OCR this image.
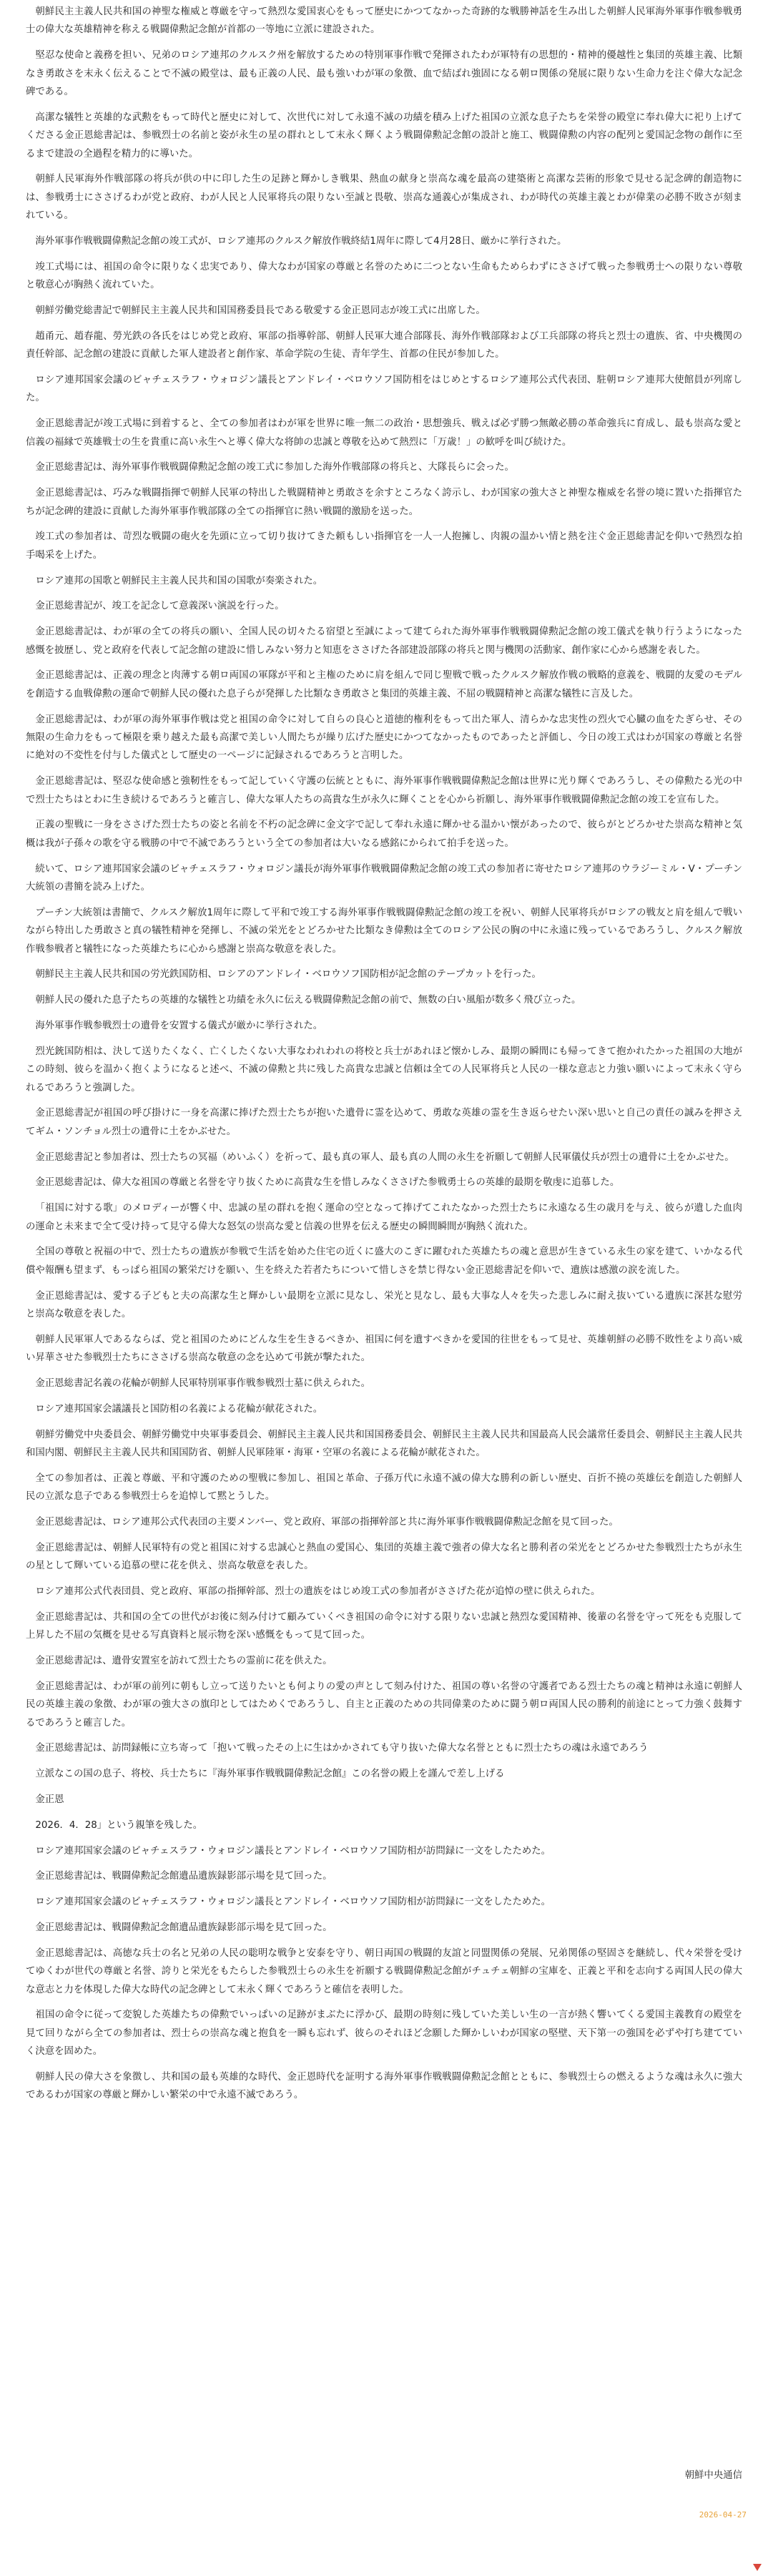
朝鮮民主主義人民共和国の神聖な権威と尊厳を守って熱烈な愛国衷心をもって歴史にかつてなかった奇跡的な戦勝神話を生み出した朝鮮人民軍海外軍事作戦参戦勇士の偉大な英雄精神を称える戦闘偉勲記念館が首都の一等地に立派に建設された。

堅忍な使命と義務を担い、兄弟のロシア連邦のクルスク州を解放するための特別軍事作戦で発揮されたわが軍特有の思想的・精神的優越性と集団的英雄主義、比類なき勇敢さを末永く伝えることで不滅の殿堂は、最も正義の人民、最も強いわが軍の象徴、血で結ばれ強固になる朝ロ関係の発展に限りない生命力を注ぐ偉大な記念碑である。

高潔な犠牲と英雄的な武勲をもって時代と歴史に対して、次世代に対して永遠不滅の功績を積み上げた祖国の立派な息子たちを栄誉の殿堂に奉れ偉大に祀り上げてくださる金正恩総書記は、参戦烈士の名前と姿が永生の星の群れとして末永く輝くよう戦闘偉勲記念館の設計と施工、戦闘偉勲の内容の配列と愛国記念物の創作に至るまで建設の全過程を精力的に導いた。

朝鮮人民軍海外作戦部隊の将兵が供の中に印した生の足跡と輝かしき戦果、熱血の献身と崇高な魂を最高の建築術と高潔な芸術的形象で見せる記念碑的創造物には、参戦勇士にささげるわが党と政府、わが人民と人民軍将兵の限りない至誠と畏敬、崇高な通義心が集成され、わが時代の英雄主義とわが偉業の必勝不敗さが刻まれている。

海外軍事作戦戦闘偉勲記念館の竣工式が、ロシア連邦のクルスク解放作戦終結1周年に際して4月28日、厳かに挙行された。

竣工式場には、祖国の命令に限りなく忠実であり、偉大なわが国家の尊厳と名誉のために二つとない生命もためらわずにささげて戦った参戦勇士への限りない尊敬と敬意心が胸熱く流れていた。

朝鮮労働党総書記で朝鮮民主主義人民共和国国務委員長である敬愛する金正恩同志が竣工式に出席した。

趙甬元、趙春龍、勞光鉄の各氏をはじめ党と政府、軍部の指導幹部、朝鮮人民軍大連合部隊長、海外作戦部隊および工兵部隊の将兵と烈士の遺族、省、中央機関の責任幹部、記念館の建設に貢献した軍人建設者と創作家、革命学院の生徒、青年学生、首都の住民が参加した。

ロシア連邦国家会議のビャチェスラフ・ウォロジン議長とアンドレイ・ベロウソフ国防相をはじめとするロシア連邦公式代表団、駐朝ロシア連邦大使館員が列席した。

金正恩総書記が竣工式場に到着すると、全ての参加者はわが軍を世界に唯一無二の政治・思想強兵、戦えば必ず勝つ無敵必勝の革命強兵に育成し、最も崇高な愛と信義の福縁で英雄戦士の生を貴重に高い永生へと導く偉大な将帥の忠誠と尊敬を込めて熱烈に「万歳！」の歓呼を叫び続けた。

金正恩総書記は、海外軍事作戦戦闘偉勲記念館の竣工式に参加した海外作戦部隊の将兵と、大隊長らに会った。

金正恩総書記は、巧みな戦闘指揮で朝鮮人民軍の特出した戦闘精神と勇敢さを余すところなく誇示し、わが国家の強大さと神聖な権威を名誉の境に置いた指揮官たちが記念碑的建設に貢献した海外軍事作戦部隊の全ての指揮官に熱い戦闘的激励を送った。

竣工式の参加者は、苛烈な戦闘の砲火を先頭に立って切り抜けてきた頼もしい指揮官を一人一人抱擁し、肉親の温かい情と熱を注ぐ金正恩総書記を仰いで熱烈な拍手喝采を上げた。

ロシア連邦の国歌と朝鮮民主主義人民共和国の国歌が奏楽された。

金正恩総書記が、竣工を記念して意義深い演説を行った。

金正恩総書記は、わが軍の全ての将兵の願い、全国人民の切々たる宿望と至誠によって建てられた海外軍事作戦戦闘偉勲記念館の竣工儀式を執り行うようになった感慨を披歴し、党と政府を代表して記念館の建設に惜しみない努力と知恵をささげた各部建設部隊の将兵と関与機関の活動家、創作家に心から感謝を表した。

金正恩総書記は、正義の理念と肉薄する朝ロ両国の軍隊が平和と主権のために肩を組んで同じ聖戦で戦ったクルスク解放作戦の戦略的意義を、戦闘的友愛のモデルを創造する血戦偉勲の運命で朝鮮人民の優れた息子らが発揮した比類なき勇敢さと集団的英雄主義、不屈の戦闘精神と高潔な犠牲に言及した。

金正恩総書記は、わが軍の海外軍事作戦は党と祖国の命令に対して自らの良心と道徳的権利をもって出た軍人、清らかな忠実性の烈火で心臓の血をたぎらせ、その無限の生命力をもって極限を乗り越えた最も高潔で美しい人間たちが繰り広げた歴史にかつてなかったものであったと評価し、今日の竣工式はわが国家の尊厳と名誉に絶対の不変性を付与した儀式として歴史の一ページに記録されるであろうと言明した。

金正恩総書記は、堅忍な使命感と強靭性をもって記していく守護の伝統とともに、海外軍事作戦戦闘偉勲記念館は世界に光り輝くであろうし、その偉勲たる光の中で烈士たちはとわに生き続けるであろうと確言し、偉大な軍人たちの高貴な生が永久に輝くことを心から祈願し、海外軍事作戦戦闘偉勲記念館の竣工を宣布した。

正義の聖戦に一身をささげた烈士たちの姿と名前を不朽の記念碑に金文字で記して奉れ永遠に輝かせる温かい懐があったので、彼らがとどろかせた崇高な精神と気概は我が子孫々の歌を守る戦勝の中で不滅であろうという全ての参加者は大いなる感銘にかられて拍手を送った。

続いて、ロシア連邦国家会議のビャチェスラフ・ウォロジン議長が海外軍事作戦戦闘偉勲記念館の竣工式の参加者に寄せたロシア連邦のウラジーミル・V・プーチン大統領の書簡を読み上げた。

プーチン大統領は書簡で、クルスク解放1周年に際して平和で竣工する海外軍事作戦戦闘偉勲記念館の竣工を祝い、朝鮮人民軍将兵がロシアの戦友と肩を組んで戦いながら特出した勇敢さと真の犠牲精神を発揮し、不滅の栄光をとどろかせた比類なき偉勲は全てのロシア公民の胸の中に永遠に残っているであろうし、クルスク解放作戦参戦者と犠牲になった英雄たちに心から感謝と崇高な敬意を表した。

朝鮮民主主義人民共和国の労光鉄国防相、ロシアのアンドレイ・ベロウソフ国防相が記念館のテープカットを行った。

朝鮮人民の優れた息子たちの英雄的な犠牲と功績を永久に伝える戦闘偉勲記念館の前で、無数の白い風船が数多く飛び立った。

海外軍事作戦参戦烈士の遺骨を安置する儀式が厳かに挙行された。

烈光銃国防相は、決して送りたくなく、亡くしたくない大事なわれわれの将校と兵士があれほど懐かしみ、最期の瞬間にも帰ってきて抱かれたかった祖国の大地がこの時刻、彼らを温かく抱くようになると述べ、不滅の偉勲と共に残した高貴な忠誠と信頼は全ての人民軍将兵と人民の一様な意志と力強い願いによって末永く守られるであろうと強調した。

金正恩総書記が祖国の呼び掛けに一身を高潔に捧げた烈士たちが抱いた遺骨に霊を込めて、勇敢な英雄の霊を生き返らせたい深い思いと自己の責任の誠みを押さえてギム・ソンチョル烈士の遺骨に土をかぶせた。

金正恩総書記と参加者は、烈士たちの冥福（めいふく）を祈って、最も真の軍人、最も真の人間の永生を祈願して朝鮮人民軍儀仗兵が烈士の遺骨に土をかぶせた。

金正恩総書記は、偉大な祖国の尊厳と名誉を守り抜くために高貴な生を惜しみなくささげた参戦勇士らの英雄的最期を敬虔に追慕した。

「祖国に対する歌」のメロディーが響く中、忠誠の星の群れを抱く運命の空となって捧げてこれたなかった烈士たちに永遠なる生の歳月を与え、彼らが遺した血肉の運命と未来まで全て受け持って見守る偉大な怒気の崇高な愛と信義の世界を伝える歴史の瞬間瞬間が胸熱く流れた。

全国の尊敬と祝福の中で、烈士たちの遺族が参戦で生活を始めた住宅の近くに盛大のこぎに躍むれた英雄たちの魂と意思が生きている永生の家を建て、いかなる代償や報酬も望まず、もっぱら祖国の繁栄だけを願い、生を終えた若者たちについて惜しさを禁じ得ない金正恩総書記を仰いで、遺族は感激の涙を流した。

金正恩総書記は、愛する子どもと夫の高潔な生と輝かしい最期を立派に見なし、栄光と見なし、最も大事な人々を失った悲しみに耐え抜いている遺族に深甚な慰労と崇高な敬意を表した。

朝鮮人民軍軍人であるならば、党と祖国のためにどんな生を生きるべきか、祖国に何を遺すべきかを愛国的往世をもって見せ、英雄朝鮮の必勝不敗性をより高い威い昇華させた参戦烈士たちにささげる崇高な敬意の念を込めて弔銃が撃たれた。

金正恩総書記名義の花輪が朝鮮人民軍特別軍事作戦参戦烈士墓に供えられた。

ロシア連邦国家会議議長と国防相の名義による花輪が献花された。

朝鮮労働党中央委員会、朝鮮労働党中央軍事委員会、朝鮮民主主義人民共和国国務委員会、朝鮮民主主義人民共和国最高人民会議常任委員会、朝鮮民主主義人民共和国内閣、朝鮮民主主義人民共和国国防省、朝鮮人民軍陸軍・海軍・空軍の名義による花輪が献花された。

全ての参加者は、正義と尊厳、平和守護のための聖戦に参加し、祖国と革命、子孫万代に永遠不滅の偉大な勝利の新しい歴史、百折不撓の英雄伝を創造した朝鮮人民の立派な息子である参戦烈士らを追悼して黙とうした。

金正恩総書記は、ロシア連邦公式代表団の主要メンバー、党と政府、軍部の指揮幹部と共に海外軍事作戦戦闘偉勲記念館を見て回った。

金正恩総書記は、朝鮮人民軍特有の党と祖国に対する忠誠心と熱血の愛国心、集団的英雄主義で強者の偉大な名と勝利者の栄光をとどろかせた参戦烈士たちが永生の星として輝いている追慕の壁に花を供え、崇高な敬意を表した。

ロシア連邦公式代表団員、党と政府、軍部の指揮幹部、烈士の遺族をはじめ竣工式の参加者がささげた花が追悼の壁に供えられた。

金正恩総書記は、共和国の全ての世代がお後に刻み付けて顧みていくべき祖国の命令に対する限りない忠誠と熱烈な愛国精神、後輩の名誉を守って死をも克服して上昇した不屈の気概を見せる写真資料と展示物を深い感慨をもって見て回った。

金正恩総書記は、遺骨安置室を訪れて烈士たちの霊前に花を供えた。

金正恩総書記は、わが軍の前列に朝もし立って送りたいとも何よりの愛の声として刻み付けた、祖国の尊い名誉の守護者である烈士たちの魂と精神は永遠に朝鮮人民の英雄主義の象徴、わが軍の強大さの旗印としてはためくであろうし、自主と正義のための共同偉業のために闘う朝ロ両国人民の勝利的前途にとって力強く鼓舞するであろうと確言した。

金正恩総書記は、訪問録帳に立ち寄って「抱いて戦ったその上に生はかかされても守り抜いた偉大な名誉とともに烈士たちの魂は永遠であろう

立派なこの国の息子、将校、兵士たちに『海外軍事作戦戦闘偉勲記念館』この名誉の殿上を謹んで差し上げる

金正恩

2026．4．28」という親筆を残した。

ロシア連邦国家会議のビャチェスラフ・ウォロジン議長とアンドレイ・ベロウソフ国防相が訪問録に一文をしたためた。

金正恩総書記は、戦闘偉勲記念館遺品遺族録影部示場を見て回った。

ロシア連邦国家会議のビャチェスラフ・ウォロジン議長とアンドレイ・ベロウソフ国防相が訪問録に一文をしたためた。

金正恩総書記は、戦闘偉勲記念館遺品遺族録影部示場を見て回った。

金正恩総書記は、高徳な兵士の名と兄弟の人民の聡明な戦争と安泰を守り、朝日両国の戦闘的友誼と同盟関係の発展、兄弟関係の堅固さを継続し、代々栄誉を受けてゆくわが世代の尊厳と名誉、誇りと栄光をもたらした参戦烈士らの永生を祈願する戦闘偉勲記念館がチュチェ朝鮮の宝庫を、正義と平和を志向する両国人民の偉大な意志と力を体現した偉大な時代の記念碑として末永く輝くであろうと確信を表明した。

祖国の命令に従って変貌した英雄たちの偉勲でいっぱいの足跡がまぶたに浮かび、最期の時刻に残していた美しい生の一言が熱く響いてくる愛国主義教育の殿堂を見て回りながら全ての参加者は、烈士らの崇高な魂と抱負を一瞬も忘れず、彼らのそれほど念願した輝かしいわが国家の堅壁、天下第一の強国を必ずや打ち建てていく決意を固めた。

朝鮮人民の偉大さを象徴し、共和国の最も英雄的な時代、金正恩時代を証明する海外軍事作戦戦闘偉勲記念館とともに、参戦烈士らの燃えるような魂は永久に強大であるわが国家の尊厳と輝かしい繁栄の中で永遠不滅であろう。

朝鮮中央通信

2026-04-27
